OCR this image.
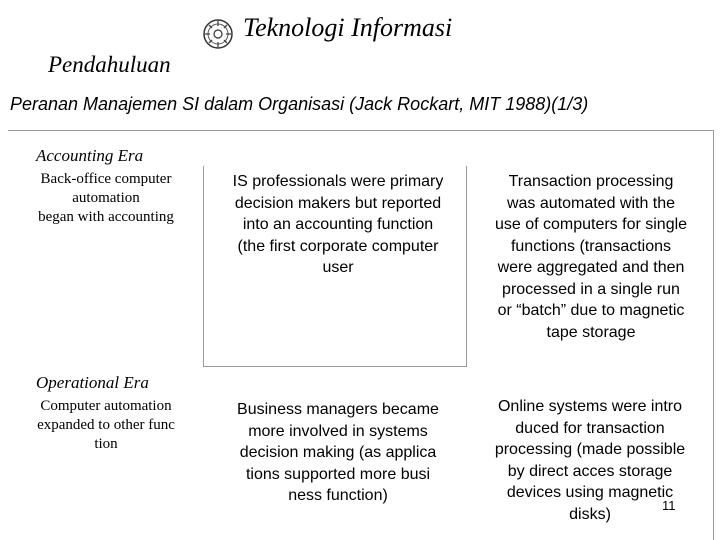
Teknologi Informasi
Pendahuluan
Peranan Manajemen SI dalam Organisasi (Jack Rockart, MIT 1988)(1/3)
Accounting Era
Back-office computer
automation
began with accounting
IS professionals were primary
decision makers but reported
into an accounting function
(the first corporate computer
user
Transaction processing
was automated with the
use of computers for single
functions (transactions
were aggregated and then
processed in a single run
or “batch” due to magnetic
tape storage
Operational Era
Computer automation
expanded to other func
tion
Business managers became
more involved in systems
decision making (as applica
tions supported more busi
ness function)
Online systems were intro
duced for transaction
processing (made possible
by direct acces storage
devices using magnetic
disks)	11
